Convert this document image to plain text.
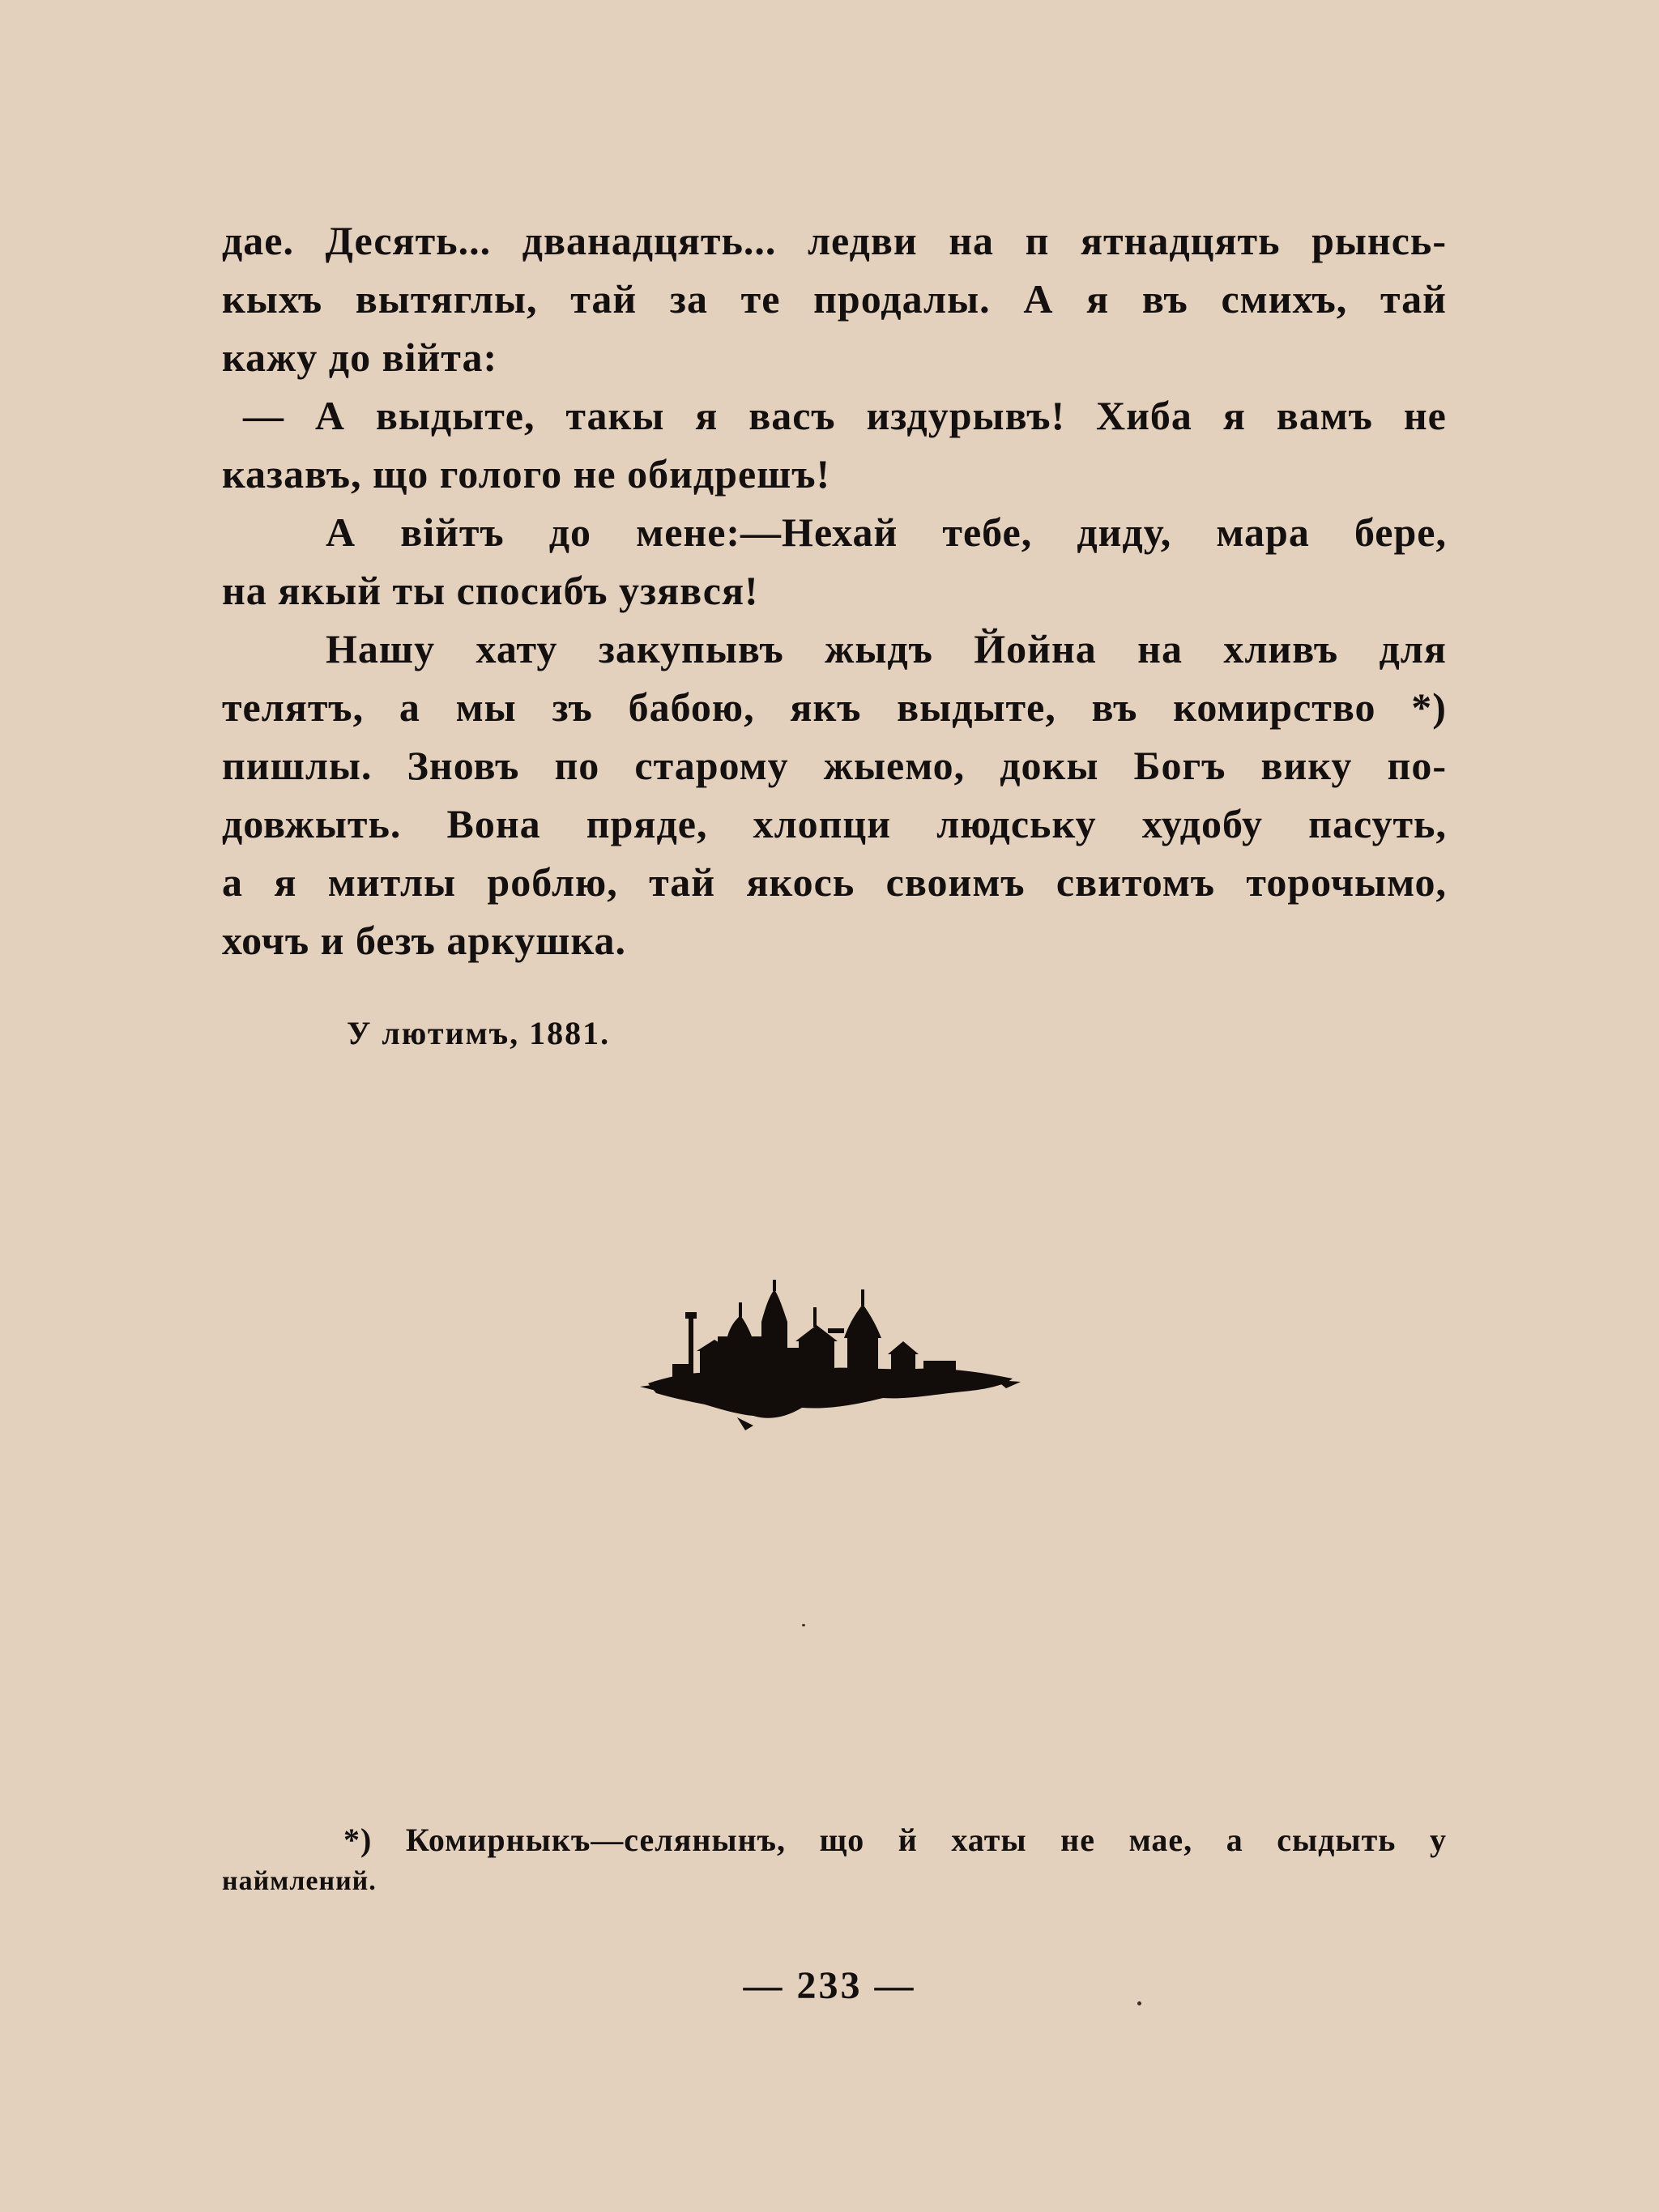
дае. Десять... дванадцять... ледви на п ятнадцять рынсь-
кыхъ вытяглы, тай за те продалы. А я въ смихъ, тай
кажу до війта:
— А выдыте, такы я васъ издурывъ! Хиба я вамъ не
казавъ, що голого не обидрешъ!
А війтъ до мене:—Нехай тебе, диду, мара бере,
на якый ты спосибъ узявся!
Нашу хату закупывъ жыдъ Йойна на хливъ для
телятъ, а мы зъ бабою, якъ выдыте, въ комирство *)
пишлы. Зновъ по старому жыемо, докы Богъ вику по-
довжыть. Вона пряде, хлопци людську худобу пасуть,
а я митлы роблю, тай якось своимъ свитомъ торочымо,
хочъ и безъ аркушка.
У лютимъ, 1881.
*) Комирныкъ—селянынъ, що й хаты не мае, а сыдыть у
наймлений.
— 233 —
